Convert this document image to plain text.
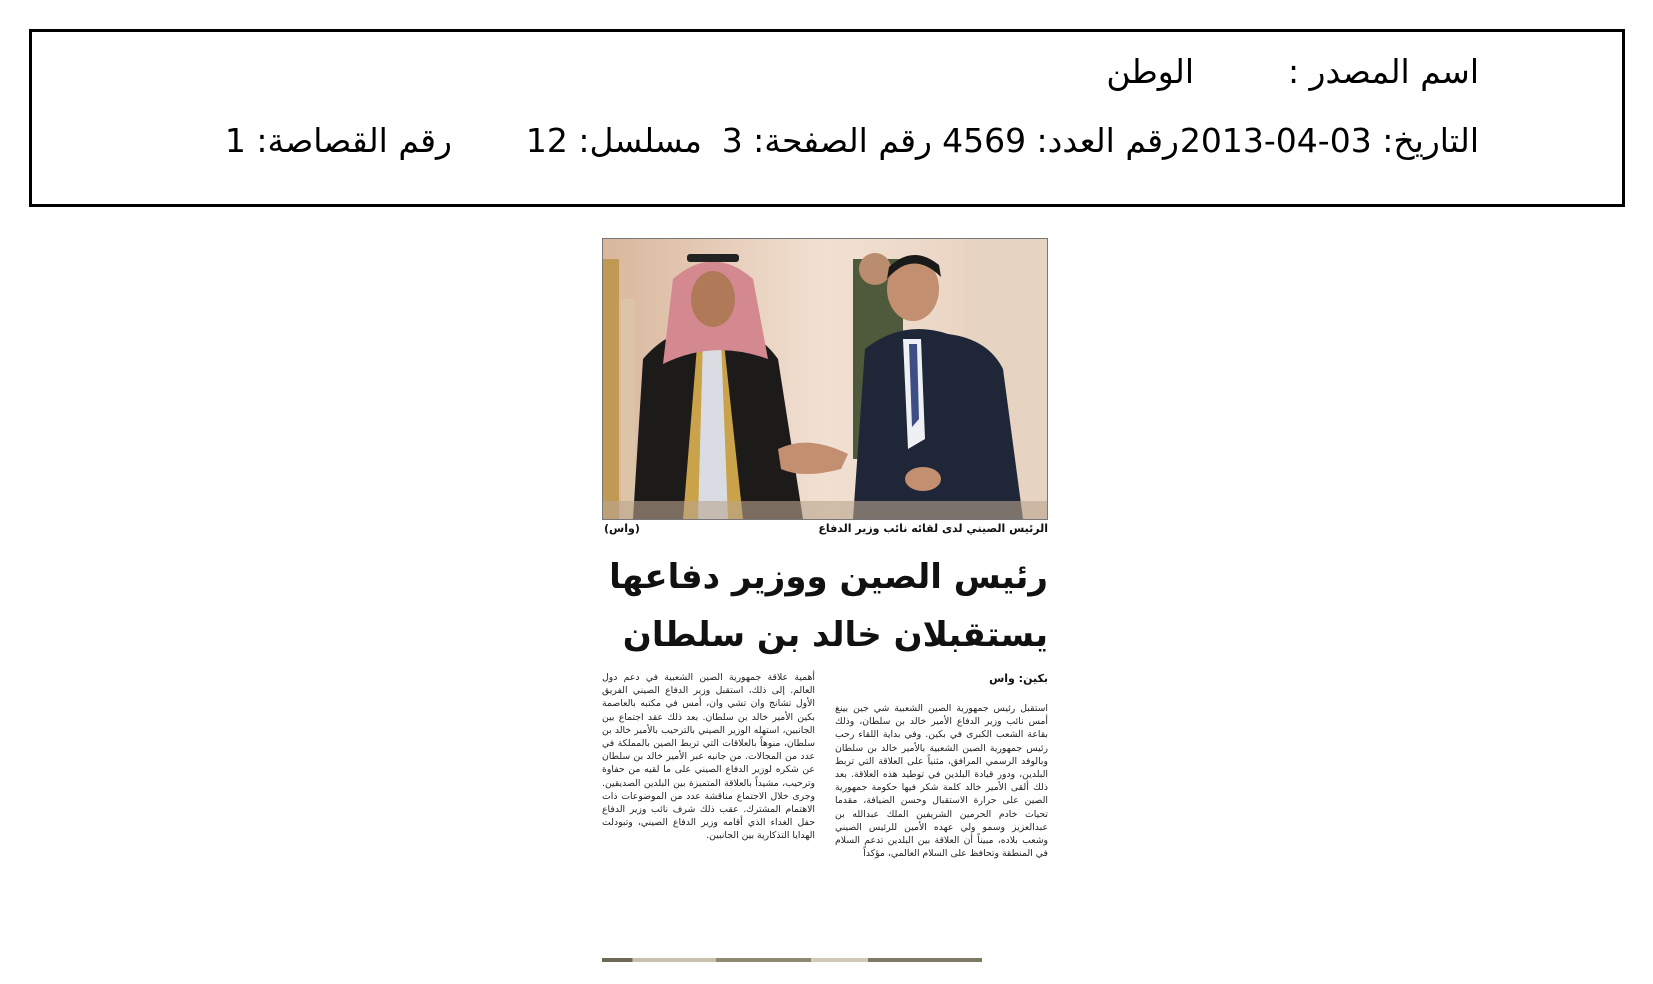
اسم المصدر :
الوطن
التاريخ: 03-04-2013
رقم العدد: 4569
رقم الصفحة: 3
مسلسل: 12
رقم القصاصة: 1
الرئيس الصيني لدى لقائه نائب وزير الدفاع
(واس)
رئيس الصين ووزير دفاعها يستقبلان خالد بن سلطان
بكين: واس
استقبل رئيس جمهورية الصين الشعبية شي جين بينغ أمس نائب وزير الدفاع الأمير خالد بن سلطان، وذلك بقاعة الشعب الكبرى في بكين. وفي بداية اللقاء رحب رئيس جمهورية الصين الشعبية بالأمير خالد بن سلطان وبالوفد الرسمي المرافق، مثنياً على العلاقة التي تربط البلدين، ودور قيادة البلدين في توطيد هذه العلاقة. بعد ذلك ألقى الأمير خالد كلمة شكر فيها حكومة جمهورية الصين على حرارة الاستقبال وحسن الضيافة، مقدما تحيات خادم الحرمين الشريفين الملك عبدالله بن عبدالعزيز وسمو ولي عهده الأمين للرئيس الصيني وشعب بلاده، مبيناً أن العلاقة بين البلدين تدعم السلام في المنطقة وتحافظ على السلام العالمي، مؤكداً
أهمية علاقة جمهورية الصين الشعبية في دعم دول العالم. إلى ذلك، استقبل وزير الدفاع الصيني الفريق الأول تشانج وان تشي وان، أمس في مكتبه بالعاصمة بكين الأمير خالد بن سلطان. بعد ذلك عقد اجتماع بين الجانبين، استهله الوزير الصيني بالترحيب بالأمير خالد بن سلطان، منوهاً بالعلاقات التي تربط الصين بالمملكة في عدد من المجالات. من جانبه عبر الأمير خالد بن سلطان عن شكره لوزير الدفاع الصيني على ما لقيه من حفاوة وترحيب، مشيداً بالعلاقة المتميزة بين البلدين الصديقين. وجرى خلال الاجتماع مناقشة عدد من الموضوعات ذات الاهتمام المشترك. عقب ذلك شرف نائب وزير الدفاع حفل الغداء الذي أقامه وزير الدفاع الصيني، وتبودلت الهدايا التذكارية بين الجانبين.
